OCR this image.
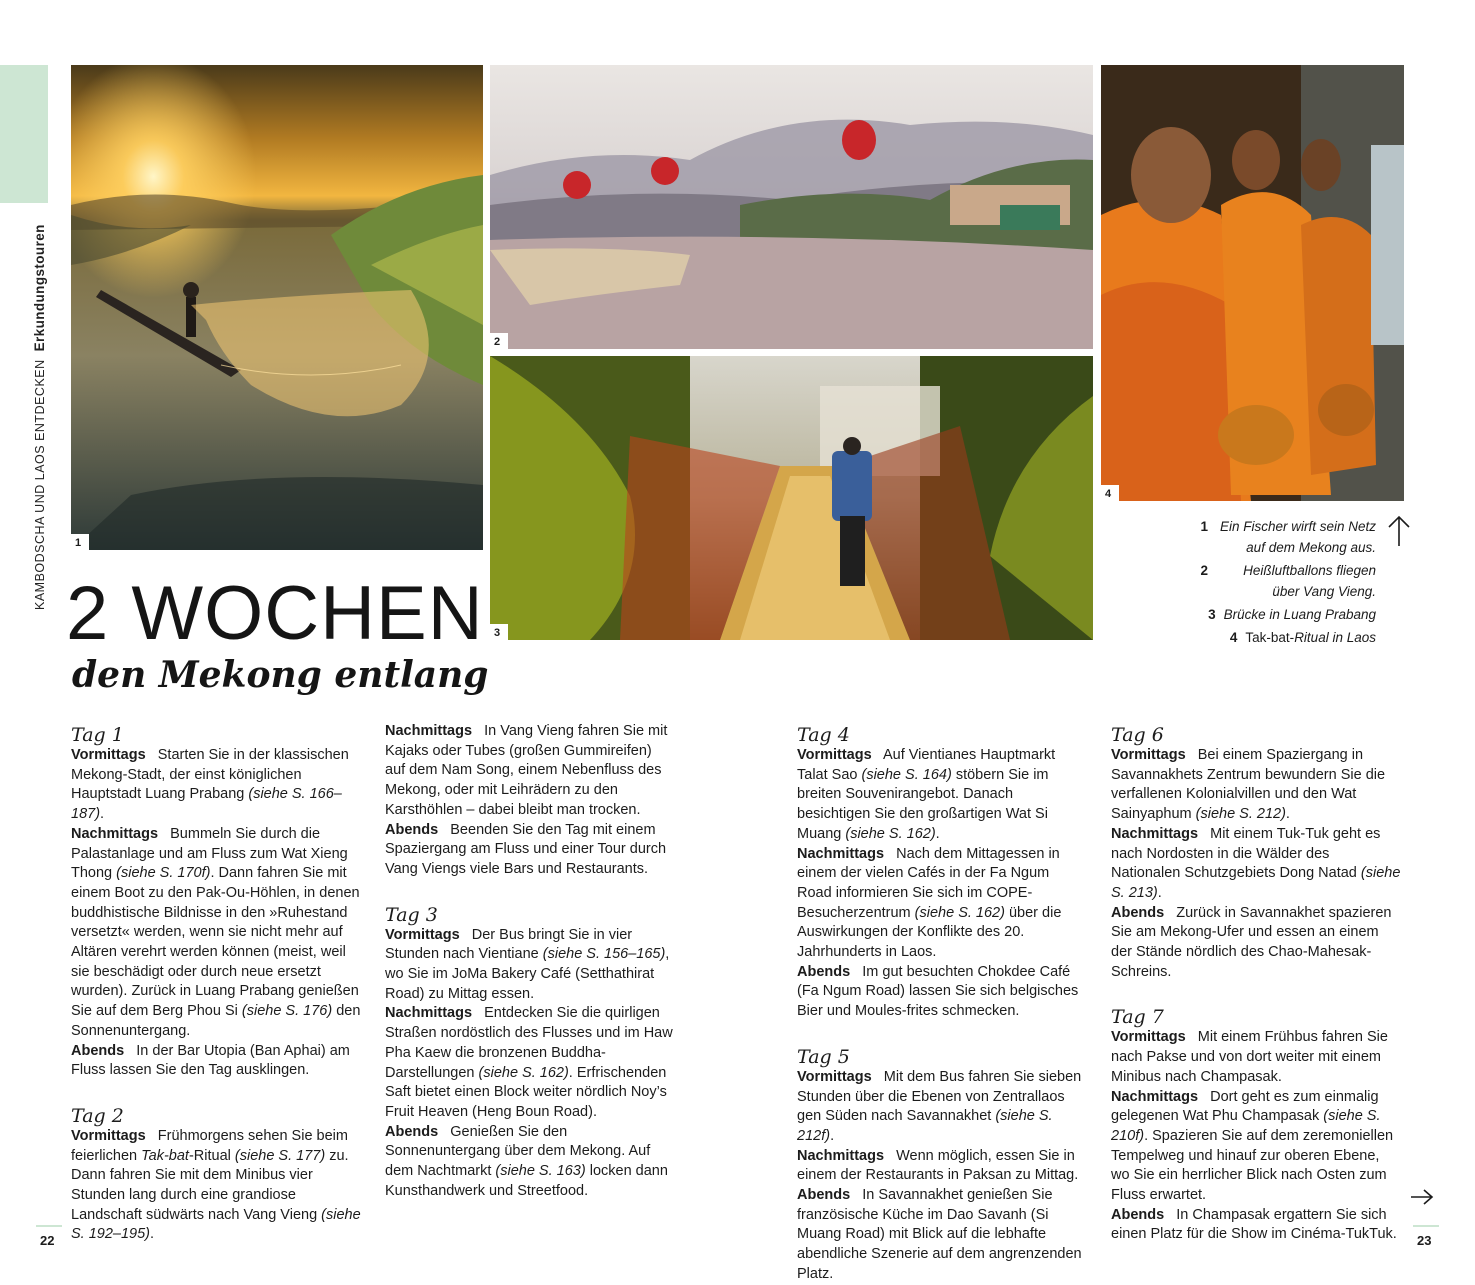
KAMBODSCHA UND LAOS ENTDECKEN  Erkundungstouren
1
2
3
4
1 Ein Fischer wirft sein Netz auf dem Mekong aus.
2	Heißluftballons fliegen über Vang Vieng.
3 Brücke in Luang Prabang
4 Tak-bat-Ritual in Laos
2 WOCHEN
den Mekong entlang

Tag 1

Vormittags Starten Sie in der klassischen Mekong-Stadt, der einst königlichen Hauptstadt Luang Prabang (siehe S. 166–187).

Nachmittags Bummeln Sie durch die Palastanlage und am Fluss zum Wat Xieng Thong (siehe S. 170f). Dann fahren Sie mit einem Boot zu den Pak-Ou-Höhlen, in denen buddhistische Bildnisse in den »Ruhestand versetzt« werden, wenn sie nicht mehr auf Altären verehrt werden können (meist, weil sie beschädigt oder durch neue ersetzt wurden). Zurück in Luang Prabang genießen Sie auf dem Berg Phou Si (siehe S. 176) den Sonnenuntergang.

Abends In der Bar Utopia (Ban Aphai) am Fluss lassen Sie den Tag ausklingen.

Tag 2

Vormittags Frühmorgens sehen Sie beim feierlichen Tak-bat-Ritual (siehe S. 177) zu. Dann fahren Sie mit dem Minibus vier Stunden lang durch eine grandiose Landschaft südwärts nach Vang Vieng (siehe S. 192–195).

Nachmittags In Vang Vieng fahren Sie mit Kajaks oder Tubes (großen Gummireifen) auf dem Nam Song, einem Nebenfluss des Mekong, oder mit Leihrädern zu den Karsthöhlen – dabei bleibt man trocken.

Abends Beenden Sie den Tag mit einem Spaziergang am Fluss und einer Tour durch Vang Viengs viele Bars und Restaurants.

Tag 3

Vormittags Der Bus bringt Sie in vier Stunden nach Vientiane (siehe S. 156–165), wo Sie im JoMa Bakery Café (Setthathirat Road) zu Mittag essen.

Nachmittags Entdecken Sie die quirligen Straßen nordöstlich des Flusses und im Haw Pha Kaew die bronzenen Buddha-Darstellungen (siehe S. 162). Erfrischenden Saft bietet einen Block weiter nördlich Noy’s Fruit Heaven (Heng Boun Road).

Abends Genießen Sie den Sonnenuntergang über dem Mekong. Auf dem Nachtmarkt (siehe S. 163) locken dann Kunsthandwerk und Streetfood.

Tag 4

Vormittags Auf Vientianes Hauptmarkt Talat Sao (siehe S. 164) stöbern Sie im breiten Souvenirangebot. Danach besichtigen Sie den großartigen Wat Si Muang (siehe S. 162).

Nachmittags Nach dem Mittagessen in einem der vielen Cafés in der Fa Ngum Road informieren Sie sich im COPE-Besucherzentrum (siehe S. 162) über die Auswirkungen der Konflikte des 20. Jahrhunderts in Laos.

Abends Im gut besuchten Chokdee Café (Fa Ngum Road) lassen Sie sich belgisches Bier und Moules-frites schmecken.

Tag 5

Vormittags Mit dem Bus fahren Sie sieben Stunden über die Ebenen von Zentrallaos gen Süden nach Savannakhet (siehe S. 212f).

Nachmittags Wenn möglich, essen Sie in einem der Restaurants in Paksan zu Mittag.

Abends In Savannakhet genießen Sie französische Küche im Dao Savanh (Si Muang Road) mit Blick auf die lebhafte abendliche Szenerie auf dem angrenzenden Platz.

Tag 6

Vormittags Bei einem Spaziergang in Savannakhets Zentrum bewundern Sie die verfallenen Kolonialvillen und den Wat Sainyaphum (siehe S. 212).

Nachmittags Mit einem Tuk-Tuk geht es nach Nordosten in die Wälder des Nationalen Schutzgebiets Dong Natad (siehe S. 213).

Abends Zurück in Savannakhet spazieren Sie am Mekong-Ufer und essen an einem der Stände nördlich des Chao-Mahesak-Schreins.

Tag 7

Vormittags Mit einem Frühbus fahren Sie nach Pakse und von dort weiter mit einem Minibus nach Champasak.

Nachmittags Dort geht es zum einmalig gelegenen Wat Phu Champasak (siehe S. 210f). Spazieren Sie auf dem zeremoniellen Tempelweg und hinauf zur oberen Ebene, wo Sie ein herrlicher Blick nach Osten zum Fluss erwartet.

Abends In Champasak ergattern Sie sich einen Platz für die Show im Cinéma-TukTuk.

22	23
